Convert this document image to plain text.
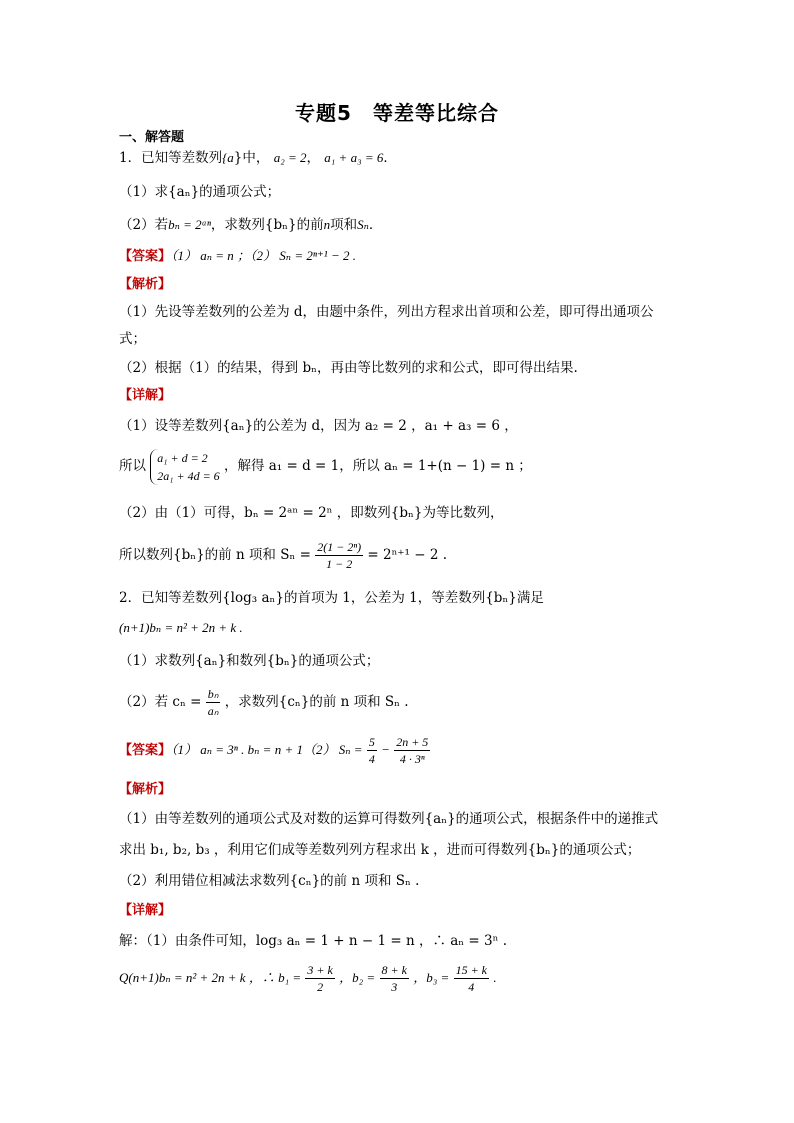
专题5　等差等比综合
一、解答题
1．已知等差数列{a}中， a₂ = 2， a₁ + a₃ = 6．
（1）求{aₙ}的通项公式；
（2）若bₙ = 2ᵃⁿ，求数列{bₙ}的前n项和Sₙ．
【答案】（1） aₙ = n ；（2） Sₙ = 2ⁿ⁺¹ − 2 .
【解析】
（1）先设等差数列的公差为 d，由题中条件，列出方程求出首项和公差，即可得出通项公
式；
（2）根据（1）的结果，得到 bₙ，再由等比数列的求和公式，即可得出结果.
【详解】
（1）设等差数列{aₙ}的公差为 d，因为 a₂ = 2 ，a₁ + a₃ = 6 ，
所以
a₁ + d = 2
2a₁ + 4d = 6
，解得 a₁ = d = 1，所以 aₙ = 1+(n − 1) = n ；
（2）由（1）可得，bₙ = 2ᵃⁿ = 2ⁿ ，即数列{bₙ}为等比数列，
所以数列{bₙ}的前 n 项和 $S_n = \frac{\text{2(1 − 2ⁿ)}}{1 - 2} = 2^{n+1} - 2$ .
2．已知等差数列{log₃ aₙ}的首项为 1，公差为 1，等差数列{bₙ}满足
(n+1)bₙ = n² + 2n + k .
（1）求数列{aₙ}和数列{bₙ}的通项公式；
（2）若 $c_n = \frac{\text{bₙ}}{\text{aₙ}}$ ，求数列{cₙ}的前 n 项和 Sₙ .
【答案】（1） aₙ = 3ⁿ . bₙ = n + 1（2） $S_n = \frac{5}{4} - \frac{2n + 5}{\text{4 · 3ⁿ}}$
【解析】
（1）由等差数列的通项公式及对数的运算可得数列{aₙ}的通项公式，根据条件中的递推式
求出 b₁, b₂, b₃ ，利用它们成等差数列列方程求出 k ，进而可得数列{bₙ}的通项公式；
（2）利用错位相减法求数列{cₙ}的前 n 项和 Sₙ .
【详解】
解：（1）由条件可知，log₃ aₙ = 1 + n − 1 = n ，∴ aₙ = 3ⁿ .
Q(n+1)bₙ = n² + 2n + k ，∴ $b_1 = \frac{3 + k}{2}$ ，$b_2 = \frac{8 + k}{3}$ ，$b_3 = \frac{15 + k}{4}$ .
